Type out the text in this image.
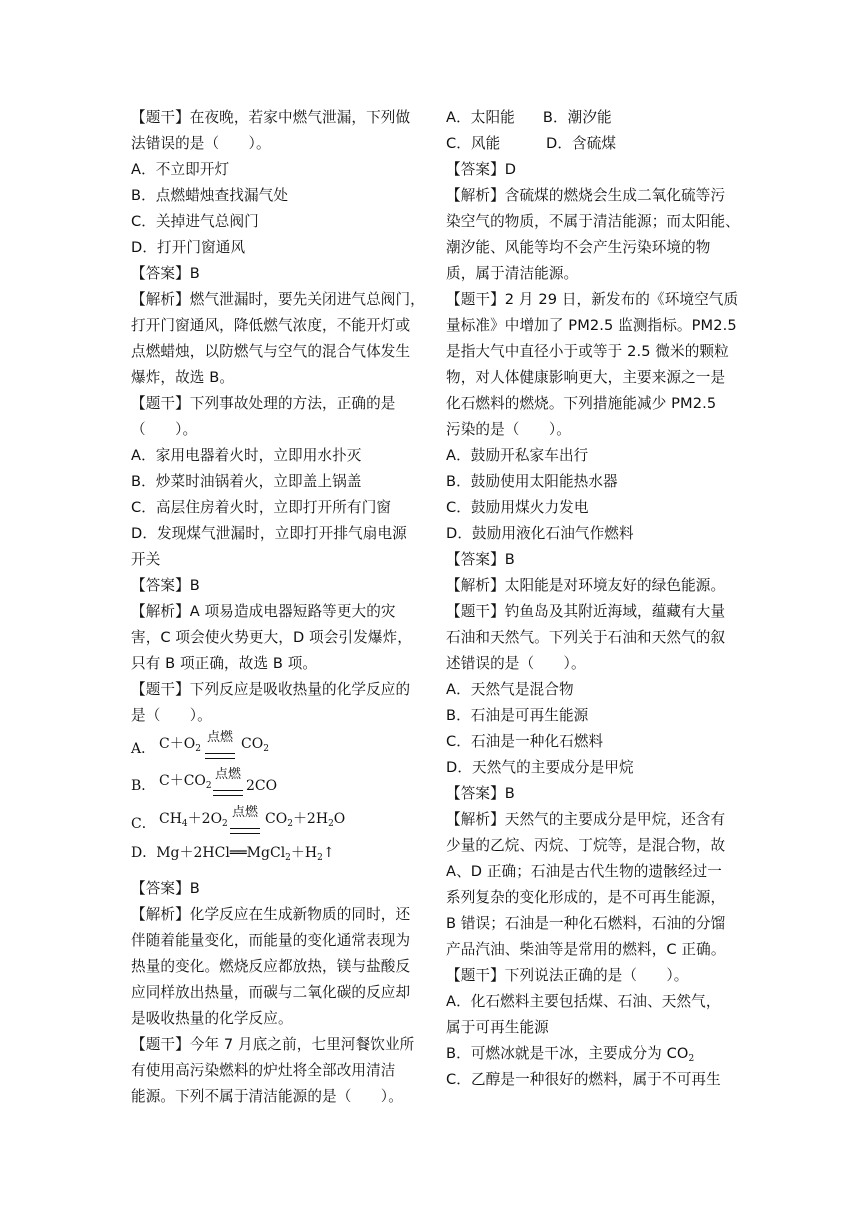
【题干】在夜晚，若家中燃气泄漏，下列做
法错误的是（　　）。
A．不立即开灯
B．点燃蜡烛查找漏气处
C．关掉进气总阀门
D．打开门窗通风
【答案】B
【解析】燃气泄漏时，要先关闭进气总阀门，
打开门窗通风，降低燃气浓度，不能开灯或
点燃蜡烛，以防燃气与空气的混合气体发生
爆炸，故选 B。
【题干】下列事故处理的方法，正确的是
（　　）。
A．家用电器着火时，立即用水扑灭
B．炒菜时油锅着火，立即盖上锅盖
C．高层住房着火时，立即打开所有门窗
D．发现煤气泄漏时，立即打开排气扇电源
开关
【答案】B
【解析】A 项易造成电器短路等更大的灾
害，C 项会使火势更大，D 项会引发爆炸，
只有 B 项正确，故选 B 项。
【题干】下列反应是吸收热量的化学反应的
是（　　）。
A． $C+O_2$
点燃 $CO_2$
B． $C+CO_2$
点燃
2CO
C． $CH_4+2O_2$
点燃 $CO_2+2H_2O$
D．$Mg+2HCl══MgCl_2+H_2↑$
【答案】B
【解析】化学反应在生成新物质的同时，还
伴随着能量变化，而能量的变化通常表现为
热量的变化。燃烧反应都放热，镁与盐酸反
应同样放出热量，而碳与二氧化碳的反应却
是吸收热量的化学反应。
【题干】今年 7 月底之前，七里河餐饮业所
有使用高污染燃料的炉灶将全部改用清洁
能源。下列不属于清洁能源的是（　　）。
A．太阳能 B．潮汐能
C．风能	D．含硫煤
【答案】D
【解析】含硫煤的燃烧会生成二氧化硫等污
染空气的物质，不属于清洁能源；而太阳能、
潮汐能、风能等均不会产生污染环境的物
质，属于清洁能源。
【题干】2 月 29 日，新发布的《环境空气质
量标准》中增加了 PM2.5 监测指标。PM2.5
是指大气中直径小于或等于 2.5 微米的颗粒
物，对人体健康影响更大，主要来源之一是
化石燃料的燃烧。下列措施能减少 PM2.5
污染的是（　　）。
A．鼓励开私家车出行
B．鼓励使用太阳能热水器
C．鼓励用煤火力发电
D．鼓励用液化石油气作燃料
【答案】B
【解析】太阳能是对环境友好的绿色能源。
【题干】钓鱼岛及其附近海域，蕴藏有大量
石油和天然气。下列关于石油和天然气的叙
述错误的是（　　）。
A．天然气是混合物
B．石油是可再生能源
C．石油是一种化石燃料
D．天然气的主要成分是甲烷
【答案】B
【解析】天然气的主要成分是甲烷，还含有
少量的乙烷、丙烷、丁烷等，是混合物，故
A、D 正确；石油是古代生物的遗骸经过一
系列复杂的变化形成的，是不可再生能源，
B 错误；石油是一种化石燃料，石油的分馏
产品汽油、柴油等是常用的燃料，C 正确。
【题干】下列说法正确的是（　　）。
A．化石燃料主要包括煤、石油、天然气，
属于可再生能源
B．可燃冰就是干冰，主要成分为 $CO_2$
C．乙醇是一种很好的燃料，属于不可再生
